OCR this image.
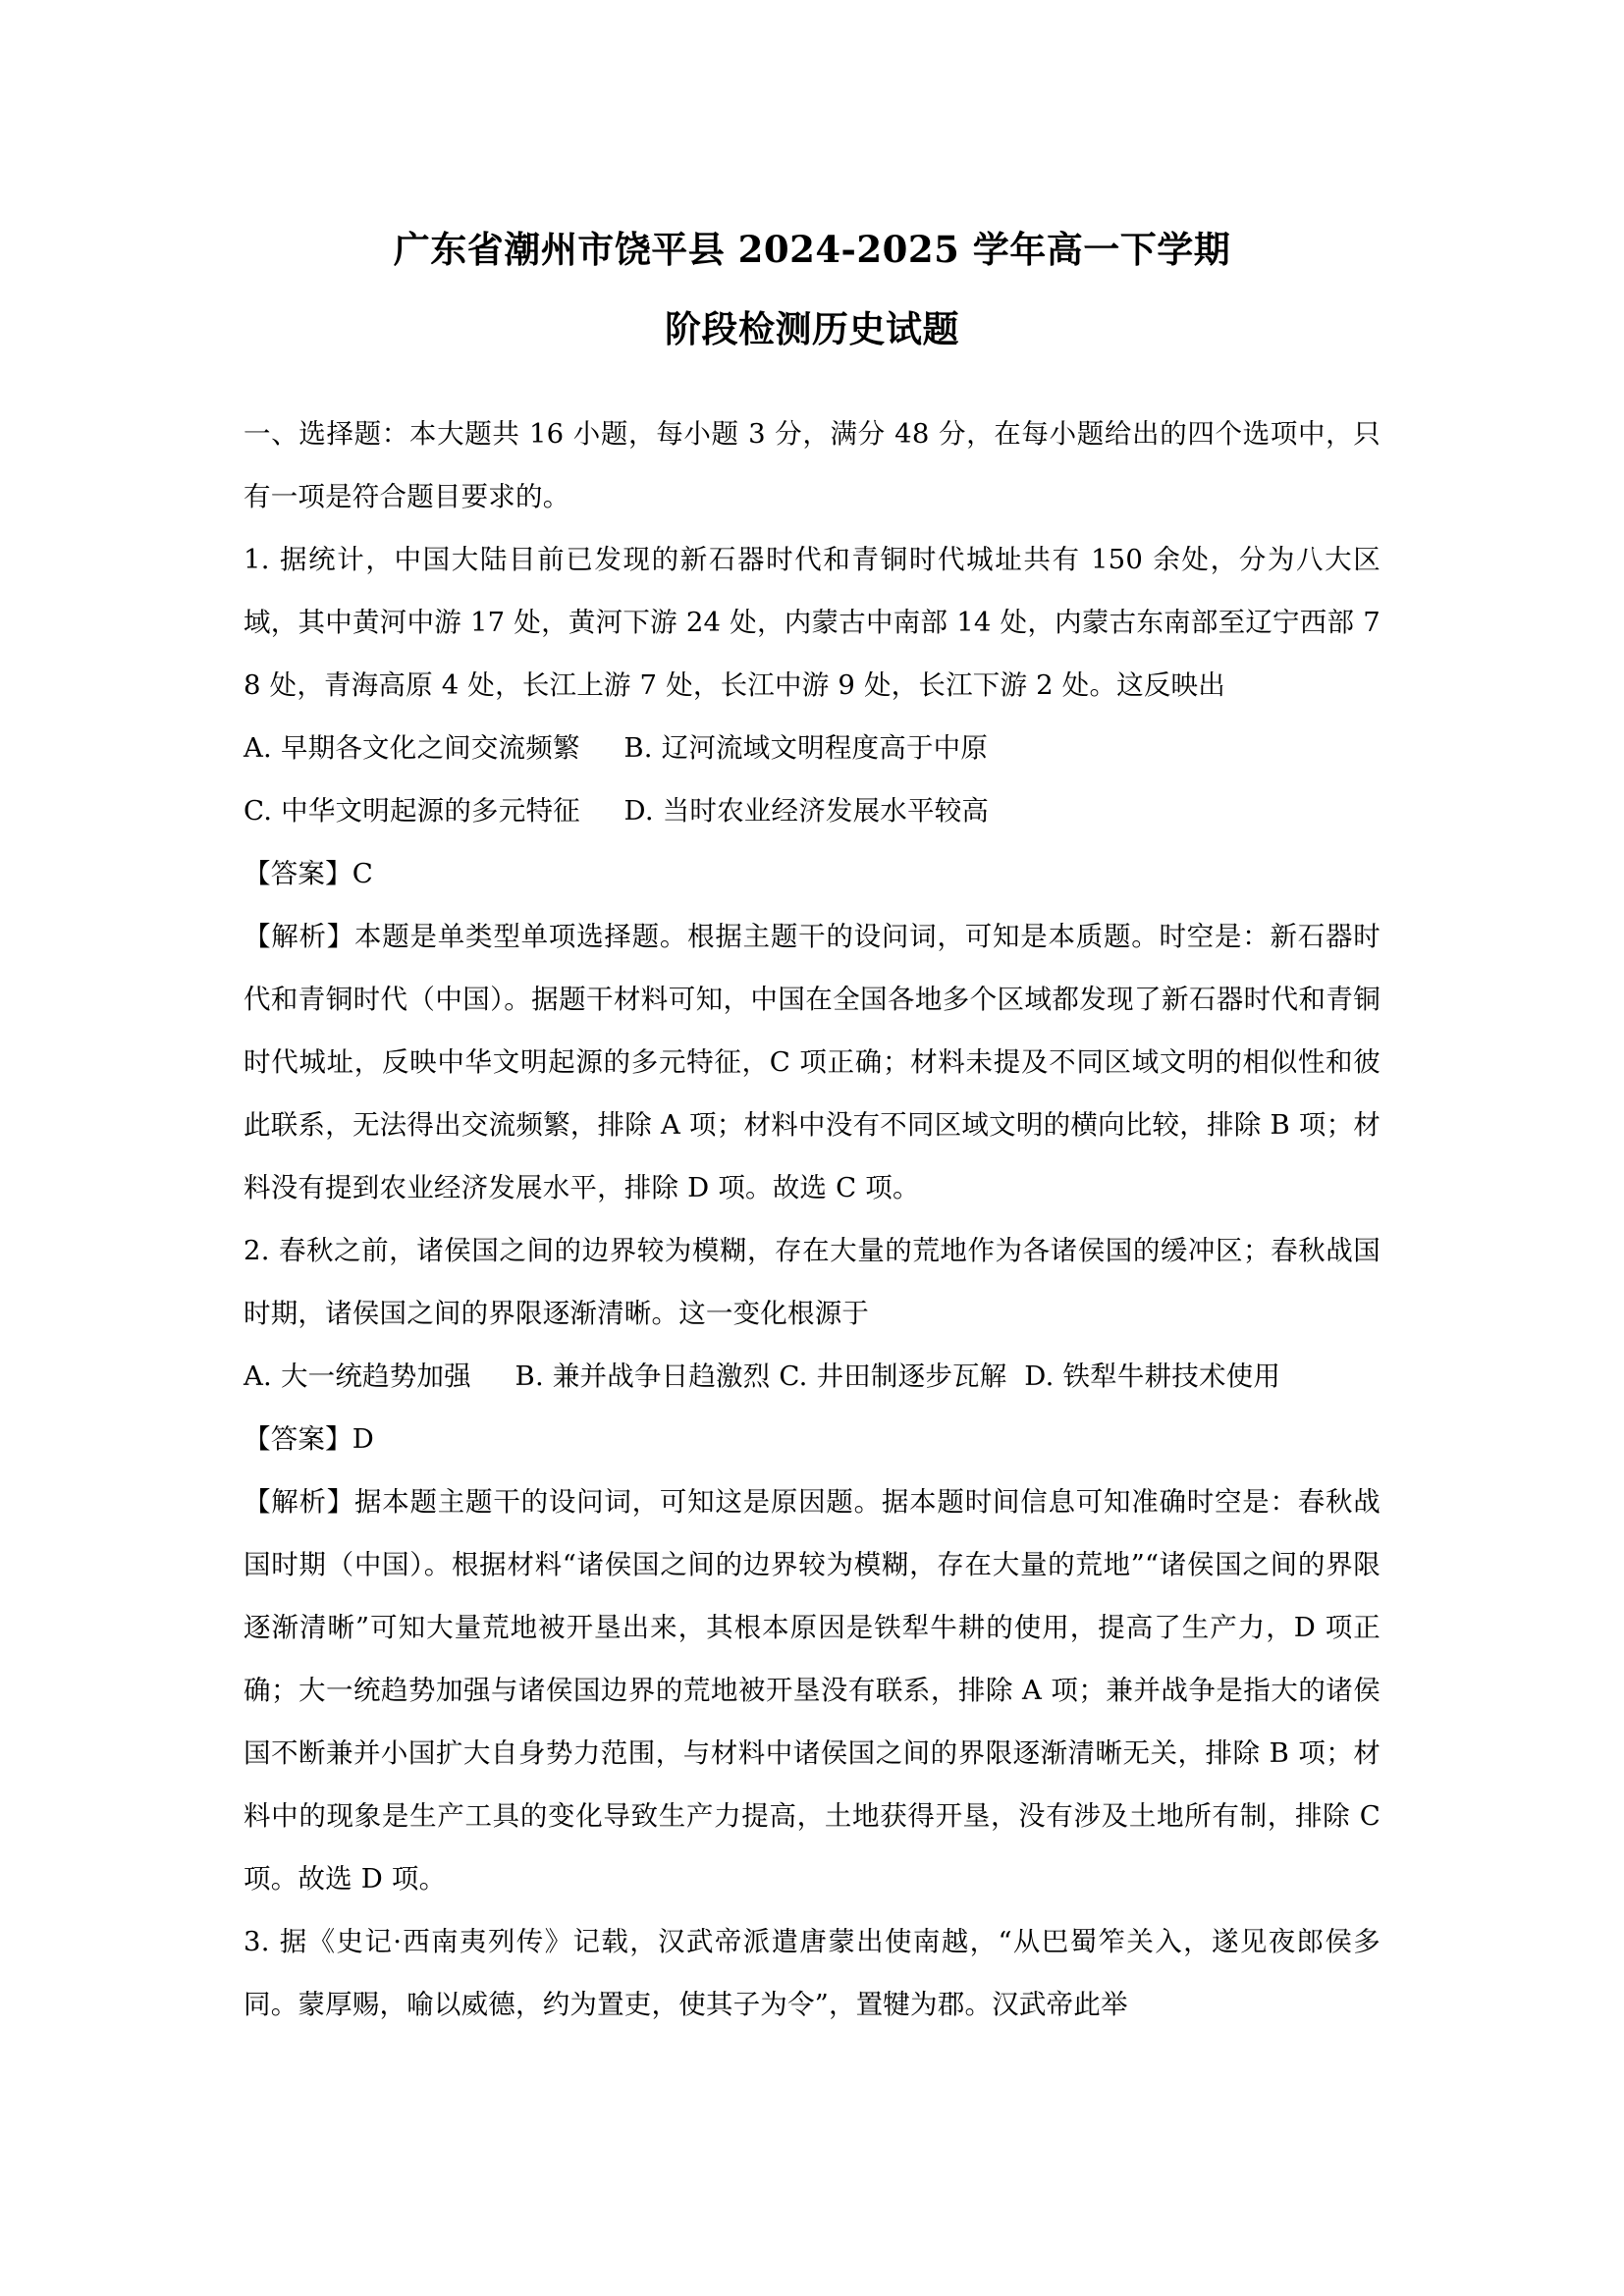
广东省潮州市饶平县 2024-2025 学年高一下学期
阶段检测历史试题

一、选择题：本大题共 16 小题，每小题 3 分，满分 48 分，在每小题给出的四个选项中，只有一项是符合题目要求的。

1. 据统计，中国大陆目前已发现的新石器时代和青铜时代城址共有 150 余处，分为八大区域，其中黄河中游 17 处，黄河下游 24 处，内蒙古中南部 14 处，内蒙古东南部至辽宁西部 78 处，青海高原 4 处，长江上游 7 处，长江中游 9 处，长江下游 2 处。这反映出

A. 早期各文化之间交流频繁     B. 辽河流域文明程度高于中原

C. 中华文明起源的多元特征     D. 当时农业经济发展水平较高

【答案】C

【解析】本题是单类型单项选择题。根据主题干的设问词，可知是本质题。时空是：新石器时代和青铜时代（中国）。据题干材料可知，中国在全国各地多个区域都发现了新石器时代和青铜时代城址，反映中华文明起源的多元特征，C 项正确；材料未提及不同区域文明的相似性和彼此联系，无法得出交流频繁，排除 A 项；材料中没有不同区域文明的横向比较，排除 B 项；材料没有提到农业经济发展水平，排除 D 项。故选 C 项。

2. 春秋之前，诸侯国之间的边界较为模糊，存在大量的荒地作为各诸侯国的缓冲区；春秋战国时期，诸侯国之间的界限逐渐清晰。这一变化根源于

A. 大一统趋势加强     B. 兼并战争日趋激烈 C. 井田制逐步瓦解  D. 铁犁牛耕技术使用

【答案】D

【解析】据本题主题干的设问词，可知这是原因题。据本题时间信息可知准确时空是：春秋战国时期（中国）。根据材料“诸侯国之间的边界较为模糊，存在大量的荒地”“诸侯国之间的界限逐渐清晰”可知大量荒地被开垦出来，其根本原因是铁犁牛耕的使用，提高了生产力，D 项正确；大一统趋势加强与诸侯国边界的荒地被开垦没有联系，排除 A 项；兼并战争是指大的诸侯国不断兼并小国扩大自身势力范围，与材料中诸侯国之间的界限逐渐清晰无关，排除 B 项；材料中的现象是生产工具的变化导致生产力提高，土地获得开垦，没有涉及土地所有制，排除 C 项。故选 D 项。

3. 据《史记·西南夷列传》记载，汉武帝派遣唐蒙出使南越，“从巴蜀笮关入，遂见夜郎侯多同。蒙厚赐，喻以威德，约为置吏，使其子为令”，置犍为郡。汉武帝此举
